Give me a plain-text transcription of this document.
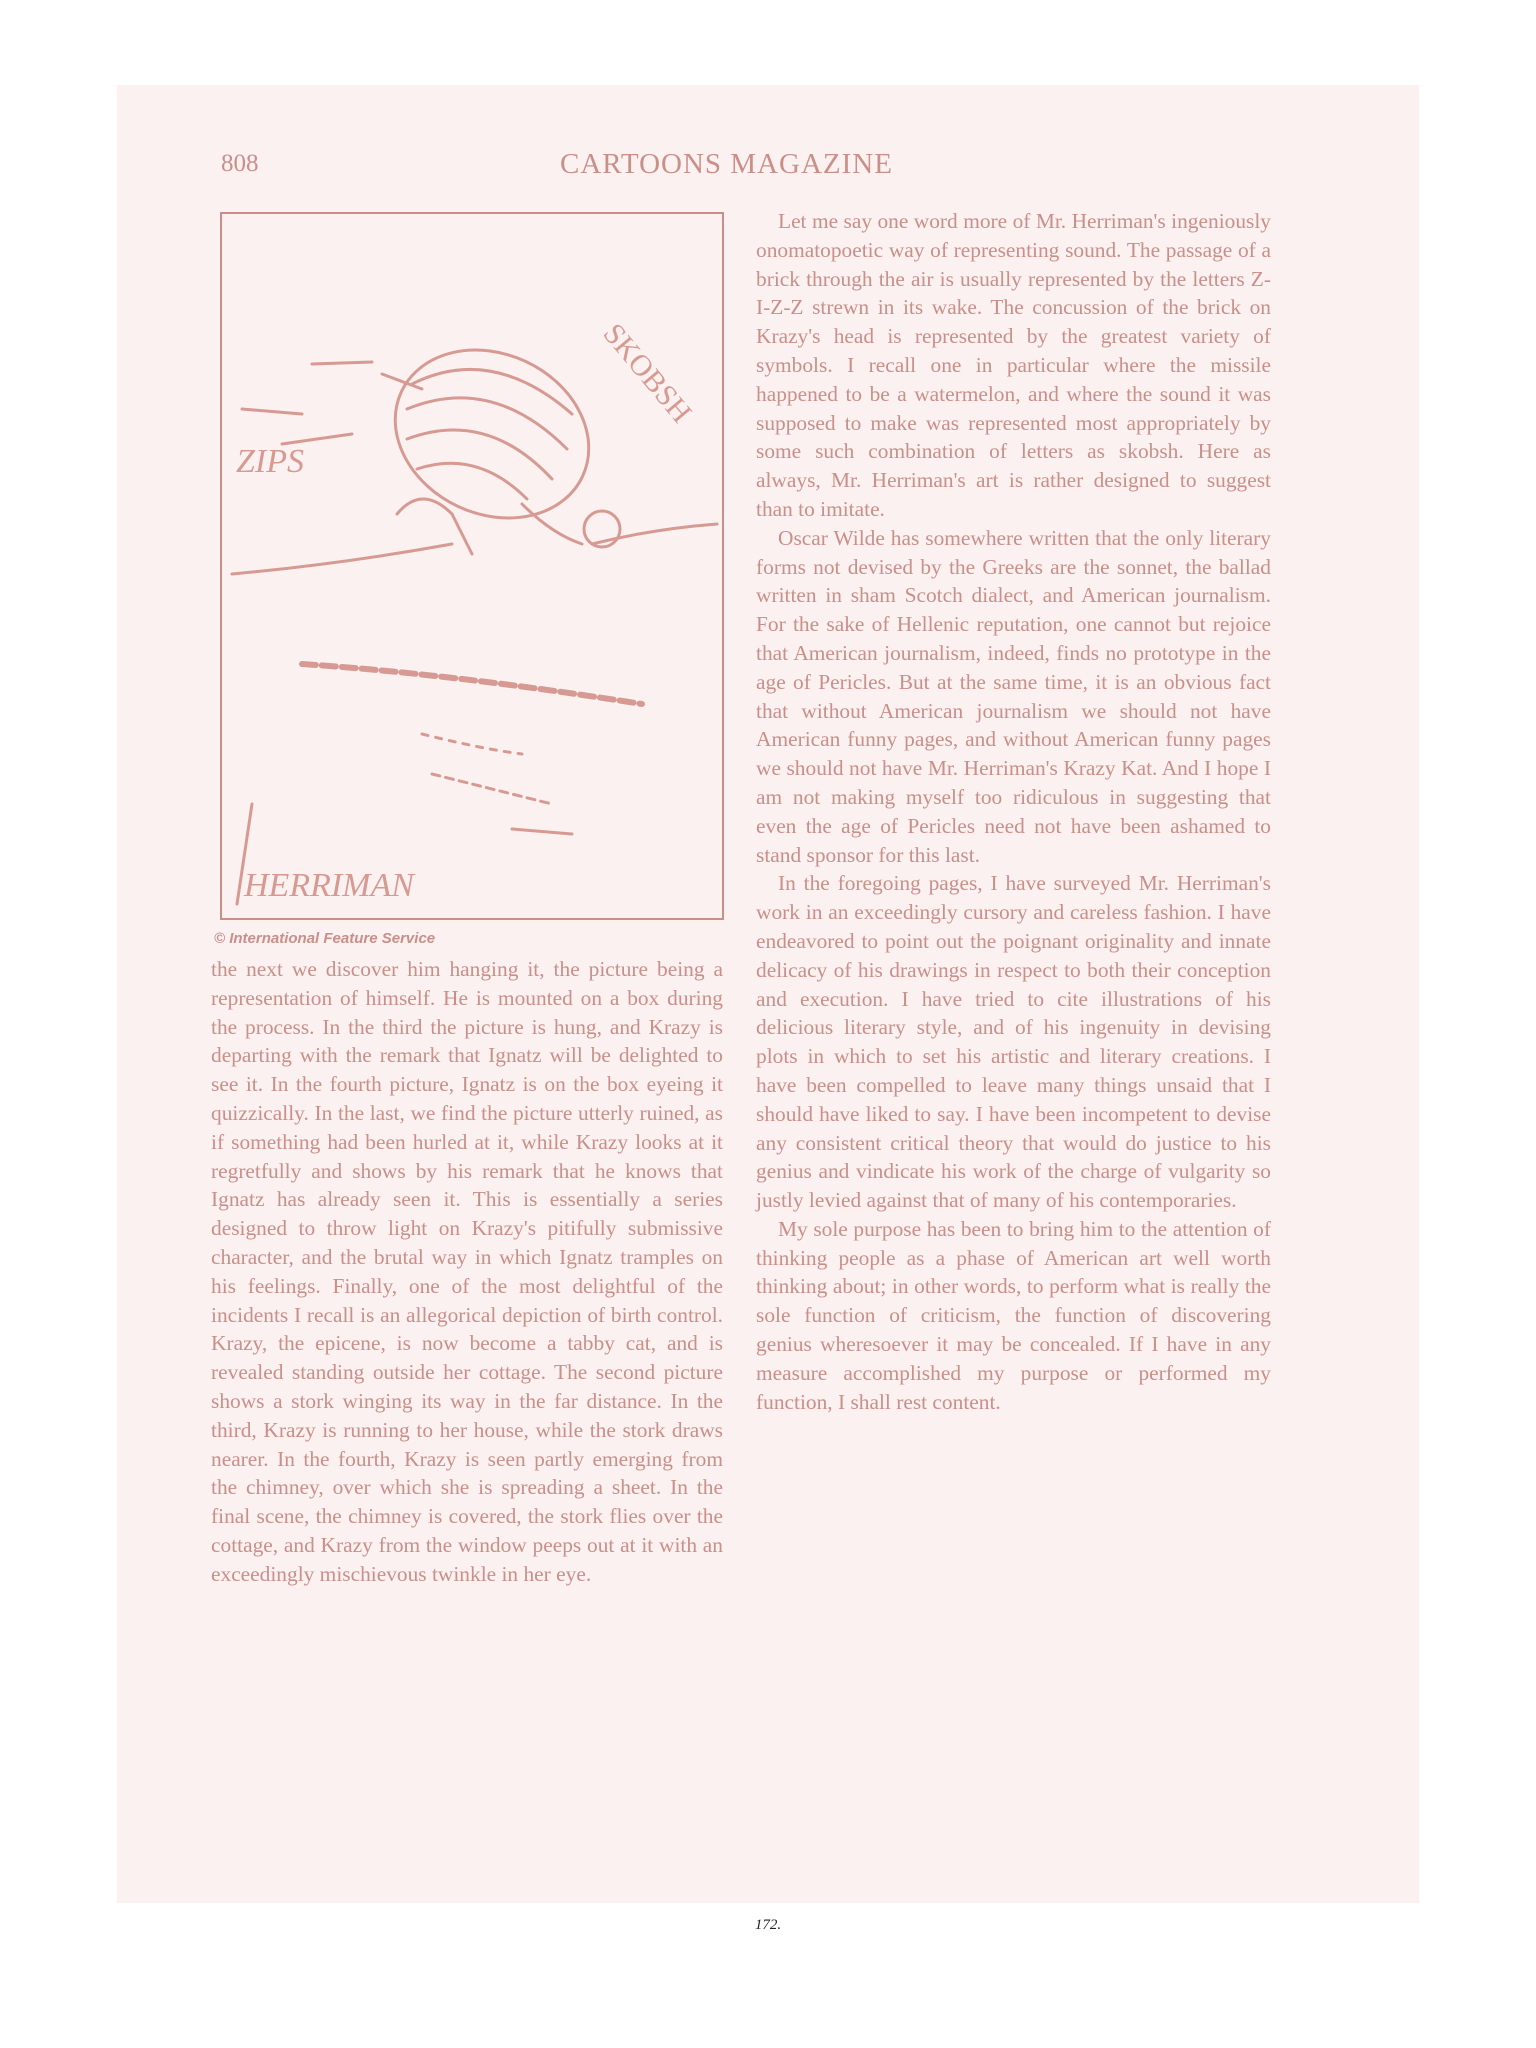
808	CARTOONS MAGAZINE
SKOBSH
ZIPS
HERRIMAN
© International Feature Service

the next we discover him hanging it, the picture being a representation of himself. He is mounted on a box during the process. In the third the picture is hung, and Krazy is departing with the remark that Ignatz will be delighted to see it. In the fourth picture, Ignatz is on the box eyeing it quizzically. In the last, we find the picture utterly ruined, as if something had been hurled at it, while Krazy looks at it regretfully and shows by his remark that he knows that Ignatz has already seen it. This is essentially a series designed to throw light on Krazy's pitifully submissive character, and the brutal way in which Ignatz tramples on his feelings. Finally, one of the most delightful of the incidents I recall is an allegorical depiction of birth control. Krazy, the epicene, is now become a tabby cat, and is revealed standing outside her cottage. The second picture shows a stork winging its way in the far distance. In the third, Krazy is running to her house, while the stork draws nearer. In the fourth, Krazy is seen partly emerging from the chimney, over which she is spreading a sheet. In the final scene, the chimney is covered, the stork flies over the cottage, and Krazy from the window peeps out at it with an exceedingly mischievous twinkle in her eye.

Let me say one word more of Mr. Herriman's ingeniously onomatopoetic way of representing sound. The passage of a brick through the air is usually represented by the letters Z-I-Z-Z strewn in its wake. The concussion of the brick on Krazy's head is represented by the greatest variety of symbols. I recall one in particular where the missile happened to be a watermelon, and where the sound it was supposed to make was represented most appropriately by some such combination of letters as skobsh. Here as always, Mr. Herriman's art is rather designed to suggest than to imitate.

Oscar Wilde has somewhere written that the only literary forms not devised by the Greeks are the sonnet, the ballad written in sham Scotch dialect, and American journalism. For the sake of Hellenic reputation, one cannot but rejoice that American journalism, indeed, finds no prototype in the age of Pericles. But at the same time, it is an obvious fact that without American journalism we should not have American funny pages, and without American funny pages we should not have Mr. Herriman's Krazy Kat. And I hope I am not making myself too ridiculous in suggesting that even the age of Pericles need not have been ashamed to stand sponsor for this last.

In the foregoing pages, I have surveyed Mr. Herriman's work in an exceedingly cursory and careless fashion. I have endeavored to point out the poignant originality and innate delicacy of his drawings in respect to both their conception and execution. I have tried to cite illustrations of his delicious literary style, and of his ingenuity in devising plots in which to set his artistic and literary creations. I have been compelled to leave many things unsaid that I should have liked to say. I have been incompetent to devise any consistent critical theory that would do justice to his genius and vindicate his work of the charge of vulgarity so justly levied against that of many of his contemporaries.

My sole purpose has been to bring him to the attention of thinking people as a phase of American art well worth thinking about; in other words, to perform what is really the sole function of criticism, the function of discovering genius wheresoever it may be concealed. If I have in any measure accomplished my purpose or performed my function, I shall rest content.

172.
